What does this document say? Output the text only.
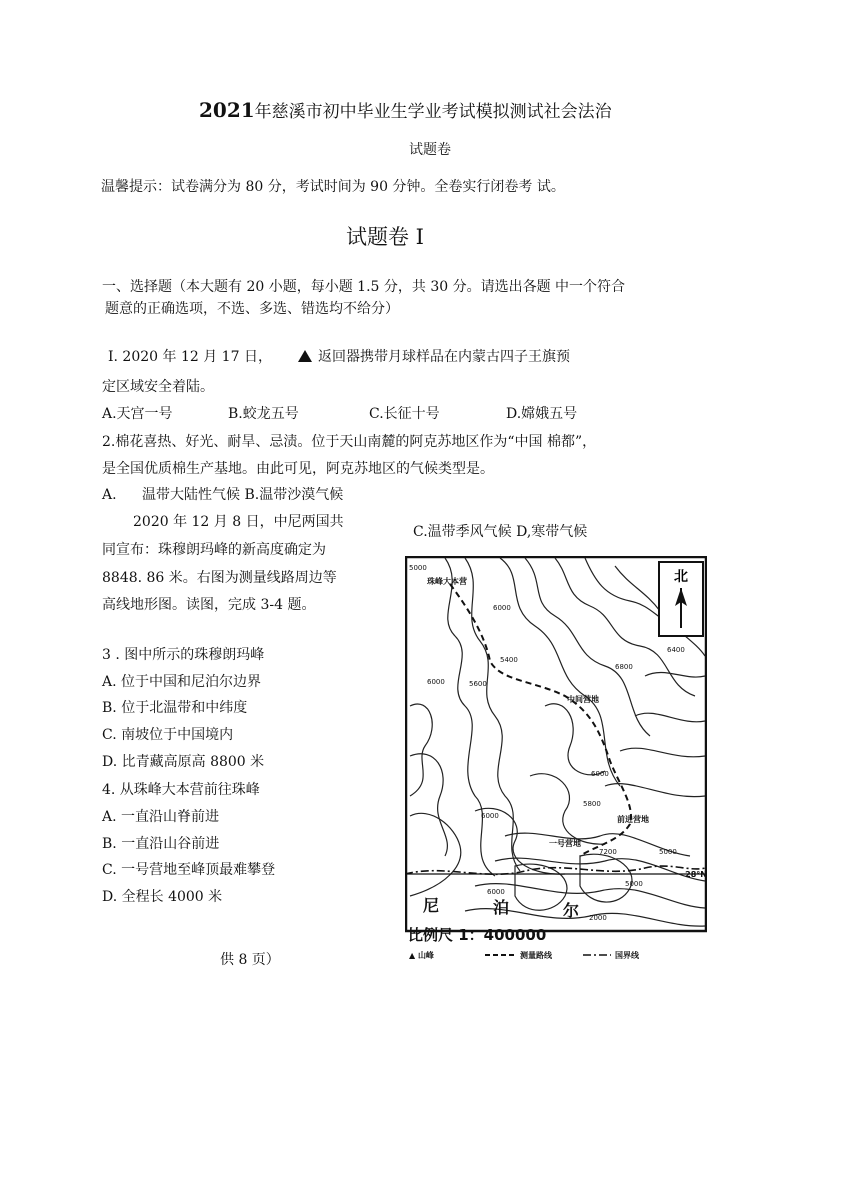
2021年慈溪市初中毕业生学业考试模拟测试社会法治
试题卷
温馨提示：试卷满分为 80 分，考试时间为 90 分钟。全卷实行闭卷考 试。
试题卷 I
一、选择题（本大题有 20 小题，每小题 1.5 分，共 30 分。请选出各题 中一个符合
题意的正确选项，不选、多选、错选均不给分）
I. 2020 年 12 月 17 日，	返回器携带月球样品在内蒙古四子王旗预
定区域安全着陆。
A.天宫一号	B.蛟龙五号	C.长征十号	D.嫦娥五号
2.棉花喜热、好光、耐旱、忌渍。位于天山南麓的阿克苏地区作为“中国 棉都”，
是全国优质棉生产基地。由此可见，阿克苏地区的气候类型是。
A. 温带大陆性气候 B.温带沙漠气候
C.温带季风气候 D,寒带气候
2020 年 12 月 8 日，中尼两国共
同宣布：珠穆朗玛峰的新高度确定为
8848. 86 米。右图为测量线路周边等
高线地形图。读图，完成 3-4 题。
3 . 图中所示的珠穆朗玛峰
A. 位于中国和尼泊尔边界
B. 位于北温带和中纬度
C. 南坡位于中国境内
D. 比青藏高原高 8800 米
4. 从珠峰大本营前往珠峰
A. 一直沿山脊前进
B. 一直沿山谷前进
C. 一号营地至峰顶最难攀登
D. 全程长 4000 米
供 8 页）
北
5000
6000
5400
5600
6000
6400
6800
6000
5800
6000
7200	5000
6000
5000
2000
珠峰大本营
中间营地
前进营地
一号营地
28°N
尼	泊	尔
比例尺 1：400000
▲ 山峰	测量路线	国界线
